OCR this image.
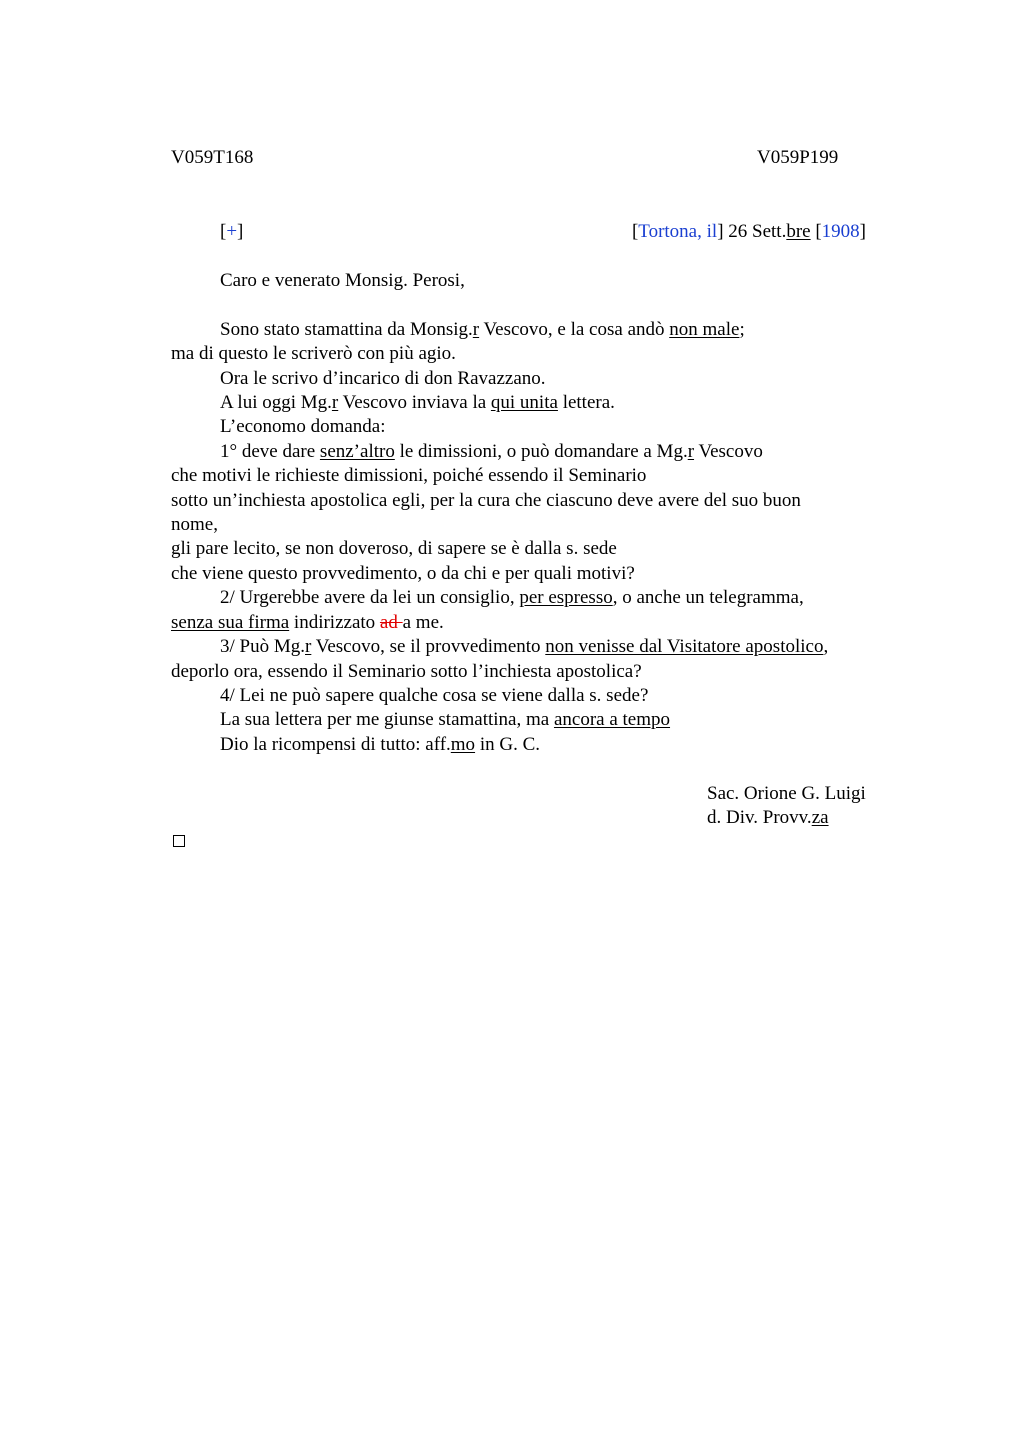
V059T168	V059P199
[+]	[Tortona, il] 26 Sett.bre [1908]
Caro e venerato Monsig. Perosi,
Sono stato stamattina da Monsig.r Vescovo, e la cosa andò non male;
ma di questo le scriverò con più agio.
Ora le scrivo d’incarico di don Ravazzano.
A lui oggi Mg.r Vescovo inviava la qui unita lettera.
L’economo domanda:
1° deve dare senz’altro le dimissioni, o può domandare a Mg.r Vescovo
che motivi le richieste dimissioni, poiché essendo il Seminario
sotto un’inchiesta apostolica egli, per la cura che ciascuno deve avere del suo buon
nome,
gli pare lecito, se non doveroso, di sapere se è dalla s. sede
che viene questo provvedimento, o da chi e per quali motivi?
2/ Urgerebbe avere da lei un consiglio, per espresso, o anche un telegramma,
senza sua firma indirizzato ad a me.
3/ Può Mg.r Vescovo, se il provvedimento non venisse dal Visitatore apostolico,
deporlo ora, essendo il Seminario sotto l’inchiesta apostolica?
4/ Lei ne può sapere qualche cosa se viene dalla s. sede?
La sua lettera per me giunse stamattina, ma ancora a tempo
Dio la ricompensi di tutto: aff.mo in G. C.
Sac. Orione G. Luigi
d. Div. Provv.za
